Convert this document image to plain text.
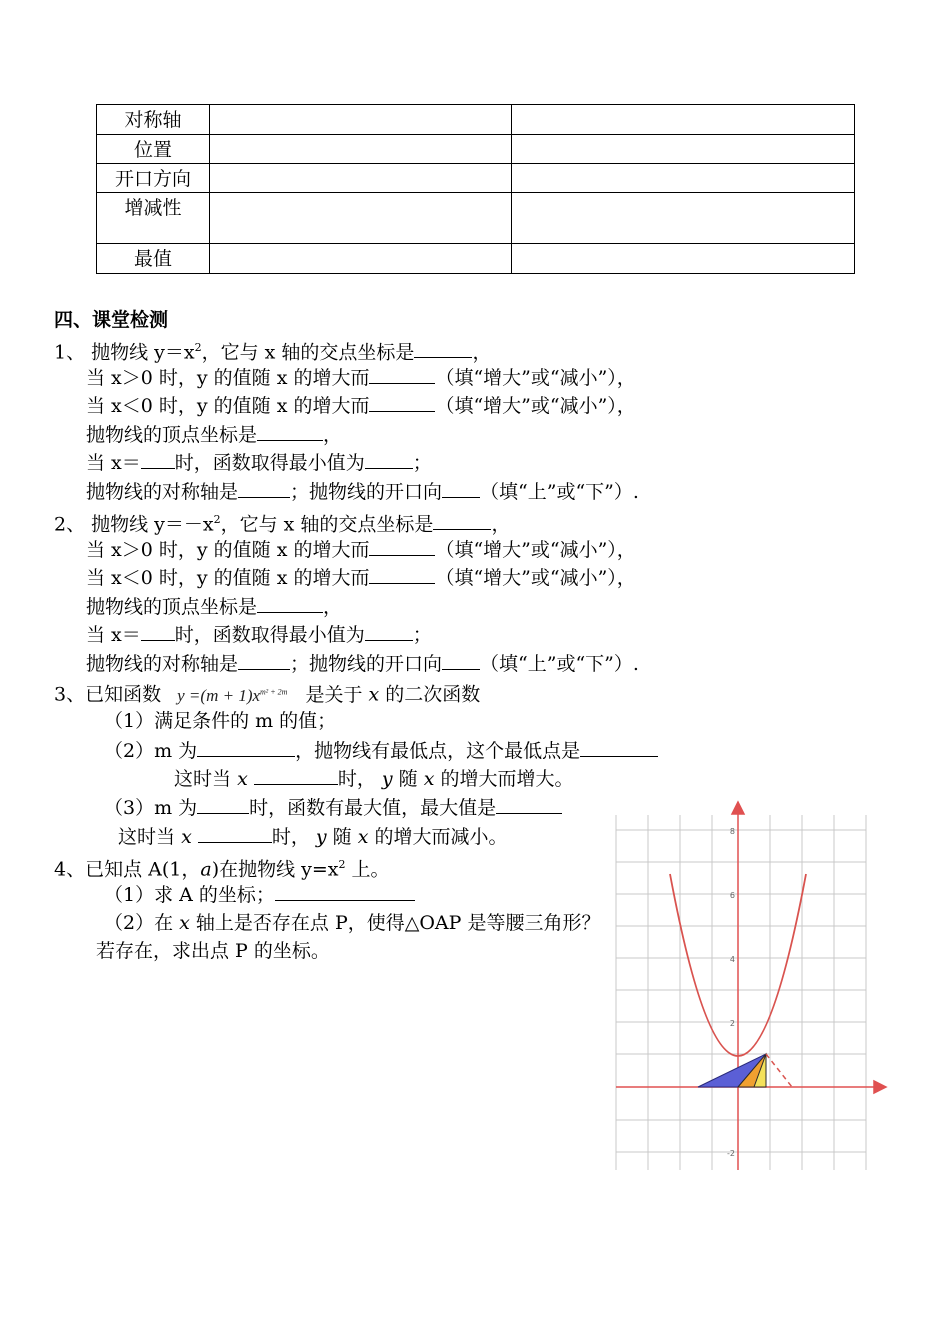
对称轴		
位置		
开口方向		
增减性		
最值		
四、课堂检测
1、 抛物线 $y=x^2$，它与 x 轴的交点坐标是	，
当 x＞0 时，y 的值随 x 的增大而	（填“增大”或“减小”），
当 x＜0 时，y 的值随 x 的增大而	（填“增大”或“减小”），
抛物线的顶点坐标是	，
当 x＝ 时，函数取得最小值为	；
抛物线的对称轴是	；抛物线的开口向 （填“上”或“下”）.
2、 抛物线 $y=-x^2$，它与 x 轴的交点坐标是	，
当 x＞0 时，y 的值随 x 的增大而	（填“增大”或“减小”），
当 x＜0 时，y 的值随 x 的增大而	（填“增大”或“减小”），
抛物线的顶点坐标是	，
当 x＝ 时，函数取得最小值为	；
抛物线的对称轴是	；抛物线的开口向 （填“上”或“下”）.
3、已知函数 $y =(m + 1)x^{m^2 + 2m}$ 是关于 x 的二次函数
（1）满足条件的 m 的值；
（2）m 为	，抛物线有最低点，这个最低点是
这时当 x	时， y 随 x 的增大而增大。
（3）m 为	时，函数有最大值，最大值是
这时当 x	时， y 随 x 的增大而减小。
4、已知点 A(1，a)在抛物线 $y=x^2$ 上。
（1）求 A 的坐标；
（2）在 x 轴上是否存在点 P，使得△OAP 是等腰三角形？
若存在，求出点 P 的坐标。
8
6
4
2
-2
